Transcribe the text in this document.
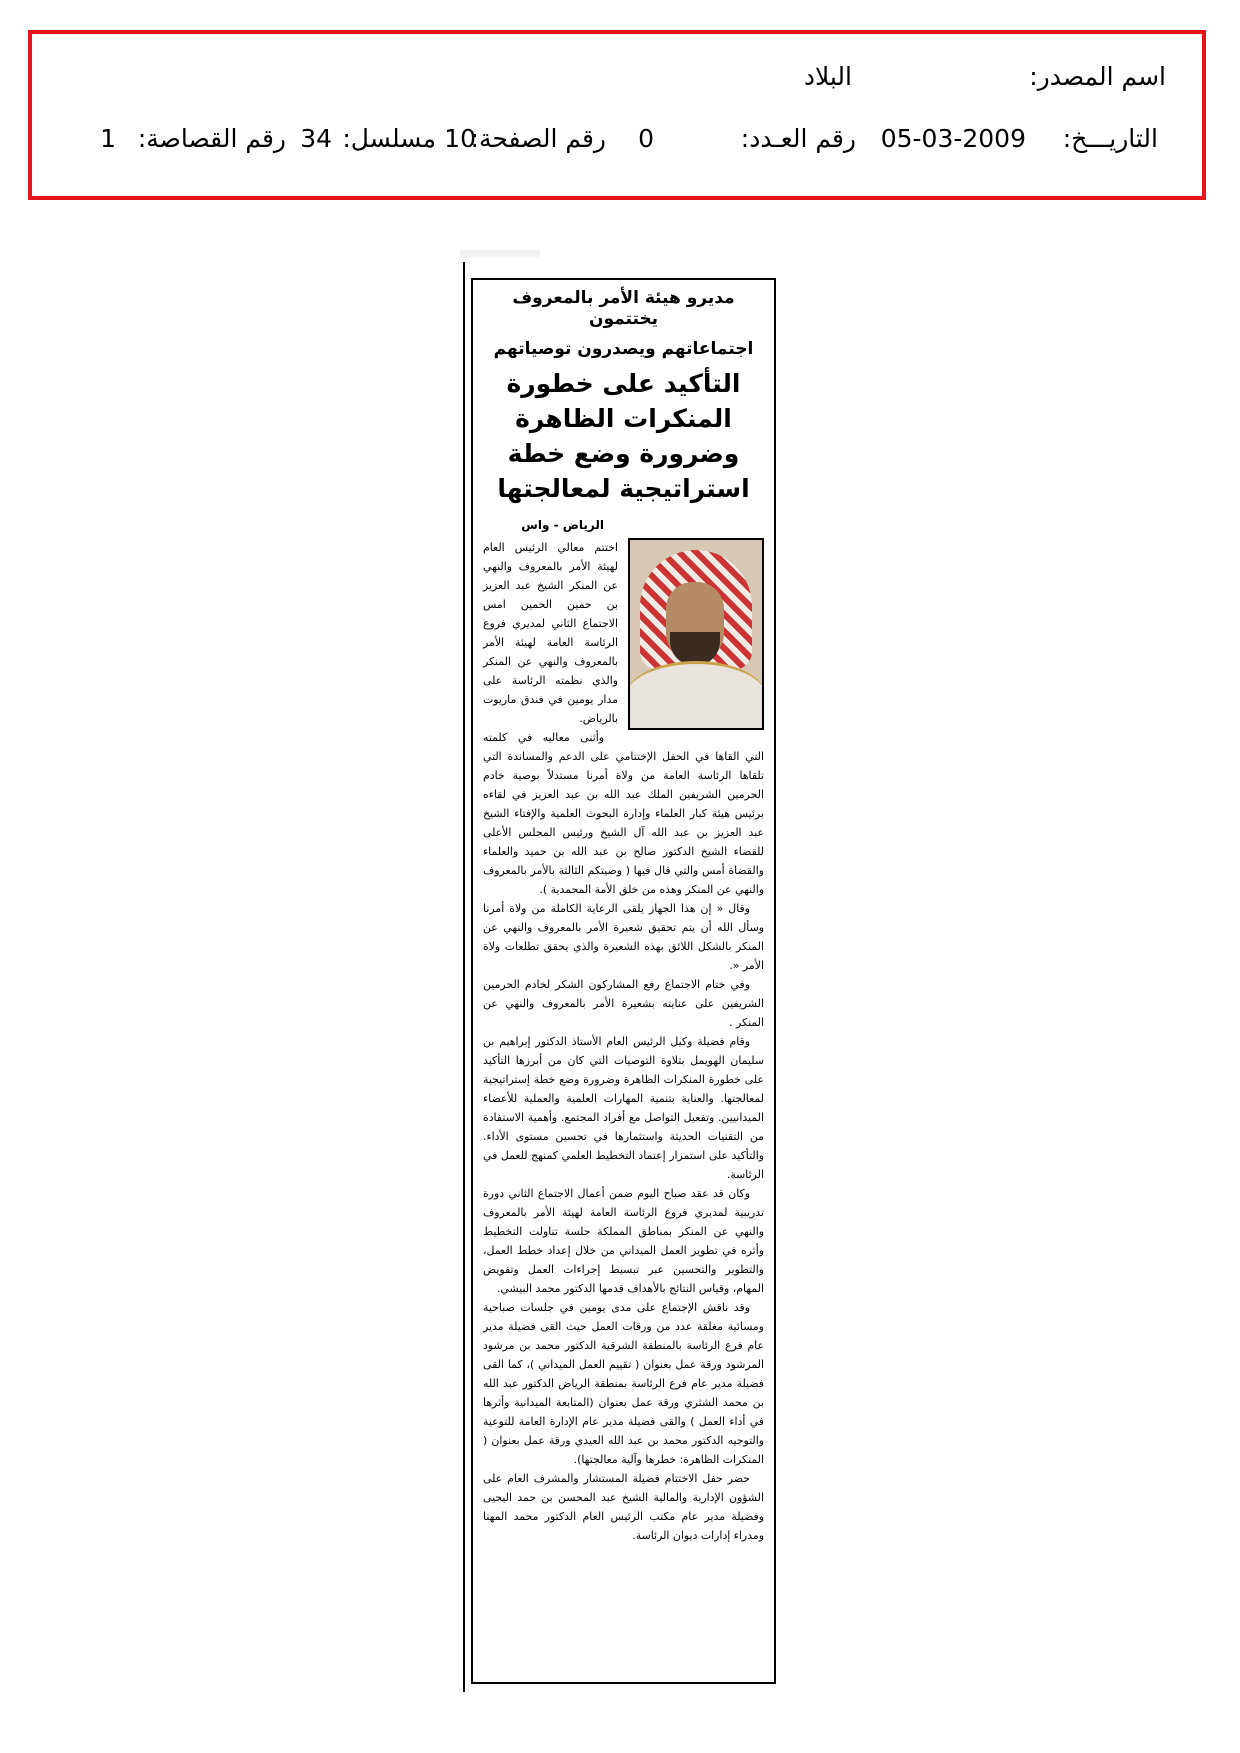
اسم المصدر:
البلاد
التاريـــخ:
05-03-2009
رقم العـدد:
0
رقم الصفحة:
10
مسلسل:
34
رقم القصاصة:
1
مديرو هيئة الأمر بالمعروف يختتمون
اجتماعاتهم ويصدرون توصياتهم
التأكيد على خطورة المنكرات الظاهرة
وضرورة وضع خطة استراتيجية لمعالجتها
الرياض - واس

اختتم معالي الرئيس العام لهيئة الأمر بالمعروف والنهي عن المنكر الشيخ عبد العزيز بن حمين الحمين امس الاجتماع الثاني لمديري فروع الرئاسة العامة لهيئة الأمر بالمعروف والنهي عن المنكر والذي نظمته الرئاسة على مدار يومين في فندق ماريوت بالرياض.

وأثنى معاليه في كلمته التي القاها في الحفل الإختتامي على الدعم والمساندة التي تلقاها الرئاسة العامة من ولاة أمرنا مستدلاً بوصية خادم الحرمين الشريفين الملك عبد الله بن عبد العزيز في لقاءه برئيس هيئة كبار العلماء وإدارة البحوث العلمية والإفتاء الشيخ عبد العزيز بن عبد الله آل الشيخ ورئيس المجلس الأعلى للقضاء الشيخ الدكتور صالح بن عبد الله بن حميد والعلماء والقضاة أمس والتي قال فيها ( وصيتكم الثالثة بالأمر بالمعروف والنهي عن المنكر وهذه من خلق الأمة المحمدية ).

وقال « إن هذا الجهاز يلقى الرعاية الكاملة من ولاة أمرنا وسأل الله أن يتم تحقيق شعيرة الأمر بالمعروف والنهي عن المنكر بالشكل اللائق بهذه الشعيرة والذي يحقق تطلعات ولاة الأمر «.

وفي ختام الاجتماع رفع المشاركون الشكر لخادم الحرمين الشريفين على عنايته بشعيرة الأمر بالمعروف والنهي عن المنكر .

وقام فضيلة وكيل الرئيس العام الأستاذ الدكتور إبراهيم بن سليمان الهويمل بتلاوة التوصيات التي كان من أبرزها التأكيد على خطورة المنكرات الظاهرة وضرورة وضع خطة إستراتيجية لمعالجتها. والعناية بتنمية المهارات العلمية والعملية للأعضاء الميدانيين. وتفعيل التواصل مع أفراد المجتمع. وأهمية الاستفادة من التقنيات الحديثة واستثمارها في تحسين مستوى الأداء. والتأكيد على استمرار إعتماد التخطيط العلمي كمنهج للعمل في الرئاسة.

وكان قد عقد صباح اليوم ضمن أعمال الاجتماع الثاني دورة تدريبية لمديري فروع الرئاسة العامة لهيئة الأمر بالمعروف والنهي عن المنكر بمناطق المملكة جلسة تناولت التخطيط وأثره في تطوير العمل الميداني من خلال إعداد خطط العمل، والتطوير والتحسين عبر تبسيط إجراءات العمل وتفويض المهام، وقياس النتائج بالأهداف قدمها الدكتور محمد البيشي.

وقد ناقش الإجتماع على مدى يومين في جلسات صباحية ومسائية مغلقة عدد من ورقات العمل حيث القى فضيلة مدير عام فرع الرئاسة بالمنطقة الشرقية الدكتور محمد بن مرشود المرشود ورقة عمل بعنوان ( تقييم العمل الميداني )، كما القى فضيلة مدير عام فرع الرئاسة بمنطقة الرياض الدكتور عبد الله بن محمد الشثري ورقة عمل بعنوان (المتابعة الميدانية وأثرها في أداء العمل ) والقى فضيلة مدير عام الإدارة العامة للتوعية والتوجيه الدكتور محمد بن عبد الله العيدي ورقة عمل بعنوان ( المنكرات الظاهرة: خطرها وآلية معالجتها).

حضر حفل الاختتام فضيلة المستشار والمشرف العام على الشؤون الإدارية والمالية الشيخ عبد المحسن بن حمد اليحيى وفضيلة مدير عام مكتب الرئيس العام الدكتور محمد المهنا ومدراء إدارات ديوان الرئاسة.
